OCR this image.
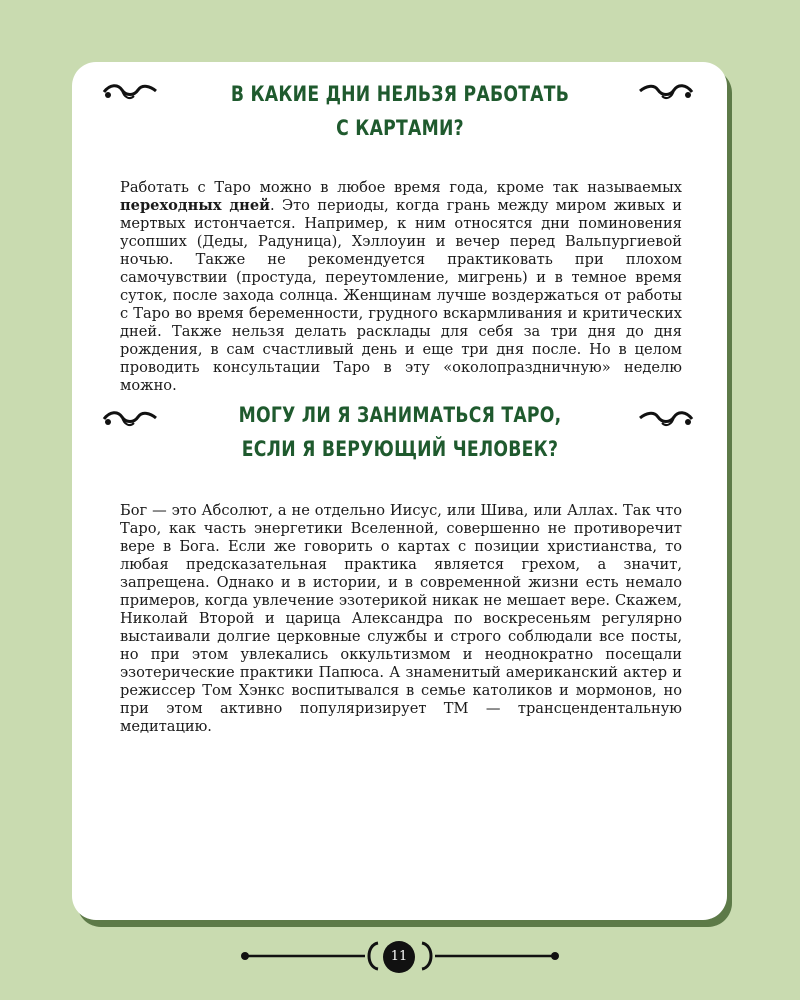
В КАКИЕ ДНИ НЕЛЬЗЯ РАБОТАТЬ
С КАРТАМИ?

Работать с Таро можно в любое время года, кроме так называемых переходных дней. Это периоды, когда грань между миром живых и мертвых истончается. Например, к ним относятся дни поминовения усопших (Деды, Радуница), Хэллоуин и вечер перед Вальпургиевой ночью. Также не рекомендуется практиковать при плохом самочувствии (простуда, переутомление, мигрень) и в темное время суток, после захода солнца. Женщинам лучше воздержаться от работы с Таро во время беременности, грудного вскармливания и критических дней. Также нельзя делать расклады для себя за три дня до дня рождения, в сам счастливый день и еще три дня после. Но в целом проводить консультации Таро в эту «околопраздничную» неделю можно.

МОГУ ЛИ Я ЗАНИМАТЬСЯ ТАРО,
ЕСЛИ Я ВЕРУЮЩИЙ ЧЕЛОВЕК?

Бог — это Абсолют, а не отдельно Иисус, или Шива, или Аллах. Так что Таро, как часть энергетики Вселенной, совершенно не противоречит вере в Бога. Если же говорить о картах с позиции христианства, то любая предсказательная практика является грехом, а значит, запрещена. Однако и в истории, и в современной жизни есть немало примеров, когда увлечение эзотерикой никак не мешает вере. Скажем, Николай Второй и царица Александра по воскресеньям регулярно выстаивали долгие церковные службы и строго соблюдали все посты, но при этом увлекались оккультизмом и неоднократно посещали эзотерические практики Папюса. А знаменитый американский актер и режиссер Том Хэнкс воспитывался в семье католиков и мормонов, но при этом активно популяризирует ТМ — трансцендентальную медитацию.

11
